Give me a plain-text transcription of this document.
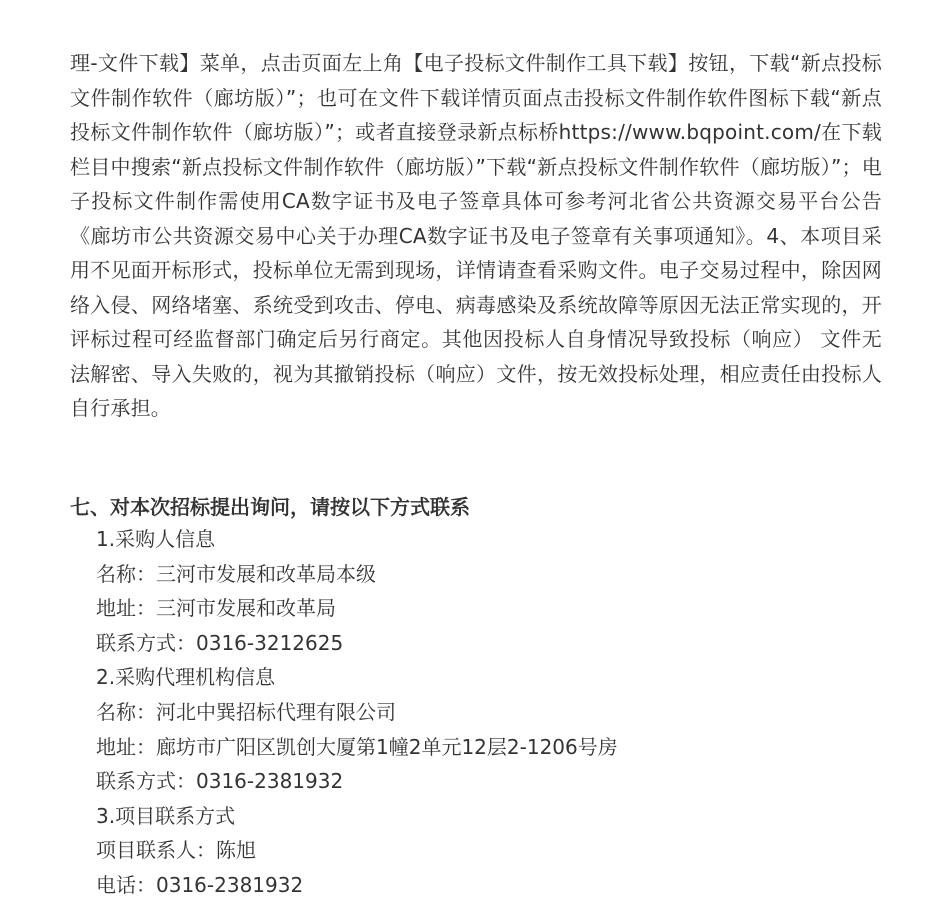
理-文件下载】菜单，点击页面左上角【电子投标文件制作工具下载】按钮，下载“新点投标文件制作软件（廊坊版）”；也可在文件下载详情页面点击投标文件制作软件图标下载“新点投标文件制作软件（廊坊版）”；或者直接登录新点标桥https://www.bqpoint.com/在下载栏目中搜索“新点投标文件制作软件（廊坊版）”下载“新点投标文件制作软件（廊坊版）”；电子投标文件制作需使用CA数字证书及电子签章具体可参考河北省公共资源交易平台公告《廊坊市公共资源交易中心关于办理CA数字证书及电子签章有关事项通知》。4、本项目采用不见面开标形式，投标单位无需到现场，详情请查看采购文件。电子交易过程中，除因网络入侵、网络堵塞、系统受到攻击、停电、病毒感染及系统故障等原因无法正常实现的，开评标过程可经监督部门确定后另行商定。其他因投标人自身情况导致投标（响应） 文件无法解密、导入失败的，视为其撤销投标（响应）文件，按无效投标处理，相应责任由投标人自行承担。

七、对本次招标提出询问，请按以下方式联系
1.采购人信息
名称：三河市发展和改革局本级
地址：三河市发展和改革局
联系方式：0316-3212625
2.采购代理机构信息
名称：河北中巽招标代理有限公司
地址：廊坊市广阳区凯创大厦第1幢2单元12层2-1206号房
联系方式：0316-2381932
3.项目联系方式
项目联系人：陈旭
电话：0316-2381932
